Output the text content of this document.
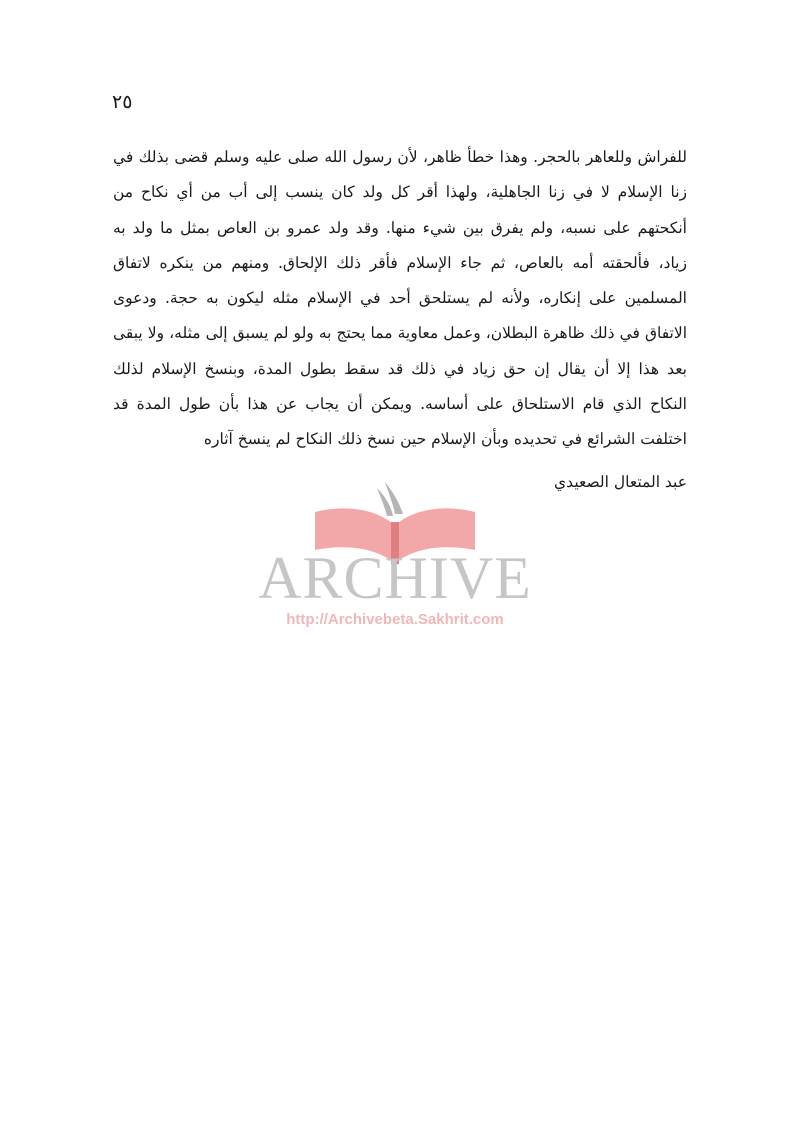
٢٥
للفراش وللعاهر بالحجر. وهذا خطأ ظاهر، لأن رسول الله صلى عليه وسلم قضى بذلك في
زنا الإسلام لا في زنا الجاهلية، ولهذا أقر كل ولد كان ينسب إلى أب من أي نكاح من
أنكحتهم على نسبه، ولم يفرق بين شيء منها. وقد ولد عمرو بن العاص بمثل ما ولد به
زياد، فألحقته أمه بالعاص، ثم جاء الإسلام فأقر ذلك الإلحاق. ومنهم من ينكره لاتفاق
المسلمين على إنكاره، ولأنه لم يستلحق أحد في الإسلام مثله ليكون به حجة. ودعوى
الاتفاق في ذلك ظاهرة البطلان، وعمل معاوية مما يحتج به ولو لم يسبق إلى مثله، ولا يبقى
بعد هذا إلا أن يقال إن حق زياد في ذلك قد سقط بطول المدة، وبنسخ الإسلام لذلك
النكاح الذي قام الاستلحاق على أساسه. ويمكن أن يجاب عن هذا بأن طول المدة قد
اختلفت الشرائع في تحديده وبأن الإسلام حين نسخ ذلك النكاح لم ينسخ آثاره
عبد المتعال الصعيدي
ARCHIVE
http://Archivebeta.Sakhrit.com
